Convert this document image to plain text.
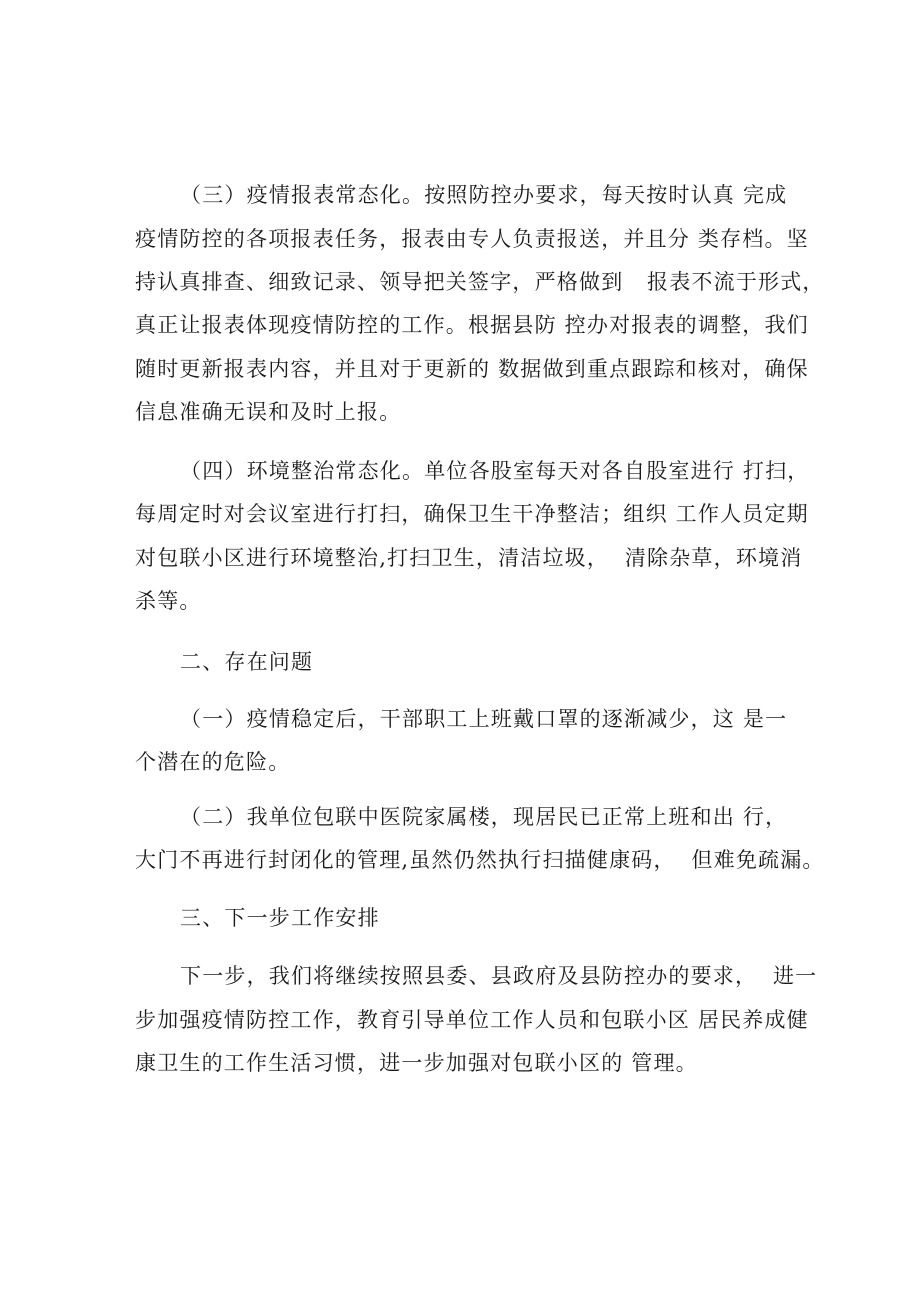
（三）疫情报表常态化。按照防控办要求，每天按时认真 完成
疫情防控的各项报表任务，报表由专人负责报送，并且分 类存档。坚
持认真排查、细致记录、领导把关签字，严格做到   报表不流于形式，
真正让报表体现疫情防控的工作。根据县防 控办对报表的调整，我们
随时更新报表内容，并且对于更新的 数据做到重点跟踪和核对，确保
信息准确无误和及时上报。
（四）环境整治常态化。单位各股室每天对各自股室进行 打扫，
每周定时对会议室进行打扫，确保卫生干净整洁；组织 工作人员定期
对包联小区进行环境整治,打扫卫生，清洁垃圾，  清除杂草，环境消
杀等。
二、存在问题
（一）疫情稳定后，干部职工上班戴口罩的逐渐减少，这 是一
个潜在的危险。
（二）我单位包联中医院家属楼，现居民已正常上班和出 行，
大门不再进行封闭化的管理,虽然仍然执行扫描健康码，  但难免疏漏。
三、下一步工作安排
下一步，我们将继续按照县委、县政府及县防控办的要求，  进一
步加强疫情防控工作，教育引导单位工作人员和包联小区 居民养成健
康卫生的工作生活习惯，进一步加强对包联小区的 管理。
